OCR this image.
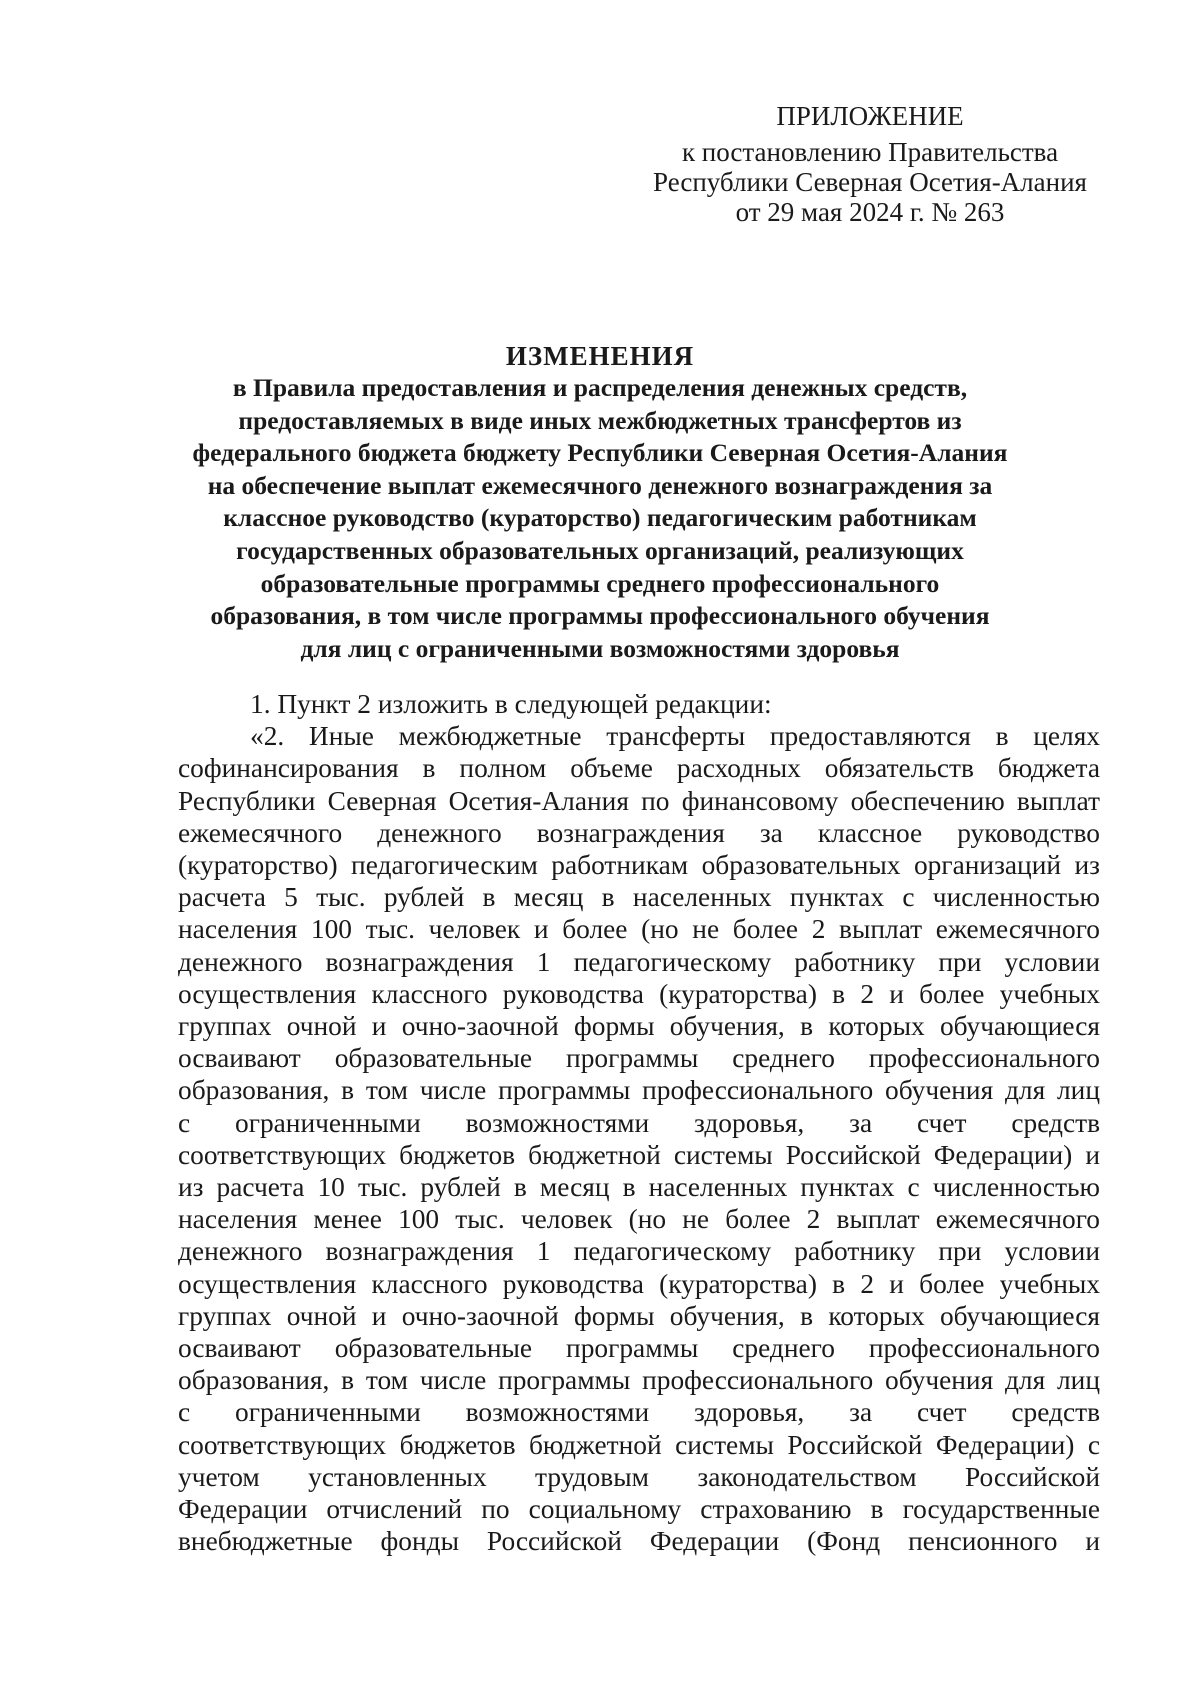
ПРИЛОЖЕНИЕ
к постановлению Правительства
Республики Северная Осетия-Алания
от 29 мая 2024 г. № 263
ИЗМЕНЕНИЯ
в Правила предоставления и распределения денежных средств,
предоставляемых в виде иных межбюджетных трансфертов из
федерального бюджета бюджету Республики Северная Осетия-Алания
на обеспечение выплат ежемесячного денежного вознаграждения за
классное руководство (кураторство) педагогическим работникам
государственных образовательных организаций, реализующих
образовательные программы среднего профессионального
образования, в том числе программы профессионального обучения
для лиц с ограниченными возможностями здоровья
1. Пункт 2 изложить в следующей редакции:
«2. Иные межбюджетные трансферты предоставляются в целях
софинансирования в полном объеме расходных обязательств бюджета
Республики Северная Осетия-Алания по финансовому обеспечению выплат
ежемесячного денежного вознаграждения за классное руководство
(кураторство) педагогическим работникам образовательных организаций из
расчета 5 тыс. рублей в месяц в населенных пунктах с численностью
населения 100 тыс. человек и более (но не более 2 выплат ежемесячного
денежного вознаграждения 1 педагогическому работнику при условии
осуществления классного руководства (кураторства) в 2 и более учебных
группах очной и очно-заочной формы обучения, в которых обучающиеся
осваивают образовательные программы среднего профессионального
образования, в том числе программы профессионального обучения для лиц
с ограниченными возможностями здоровья, за счет средств
соответствующих бюджетов бюджетной системы Российской Федерации) и
из расчета 10 тыс. рублей в месяц в населенных пунктах с численностью
населения менее 100 тыс. человек (но не более 2 выплат ежемесячного
денежного вознаграждения 1 педагогическому работнику при условии
осуществления классного руководства (кураторства) в 2 и более учебных
группах очной и очно-заочной формы обучения, в которых обучающиеся
осваивают образовательные программы среднего профессионального
образования, в том числе программы профессионального обучения для лиц
с ограниченными возможностями здоровья, за счет средств
соответствующих бюджетов бюджетной системы Российской Федерации) с
учетом установленных трудовым законодательством Российской
Федерации отчислений по социальному страхованию в государственные
внебюджетные фонды Российской Федерации (Фонд пенсионного и
